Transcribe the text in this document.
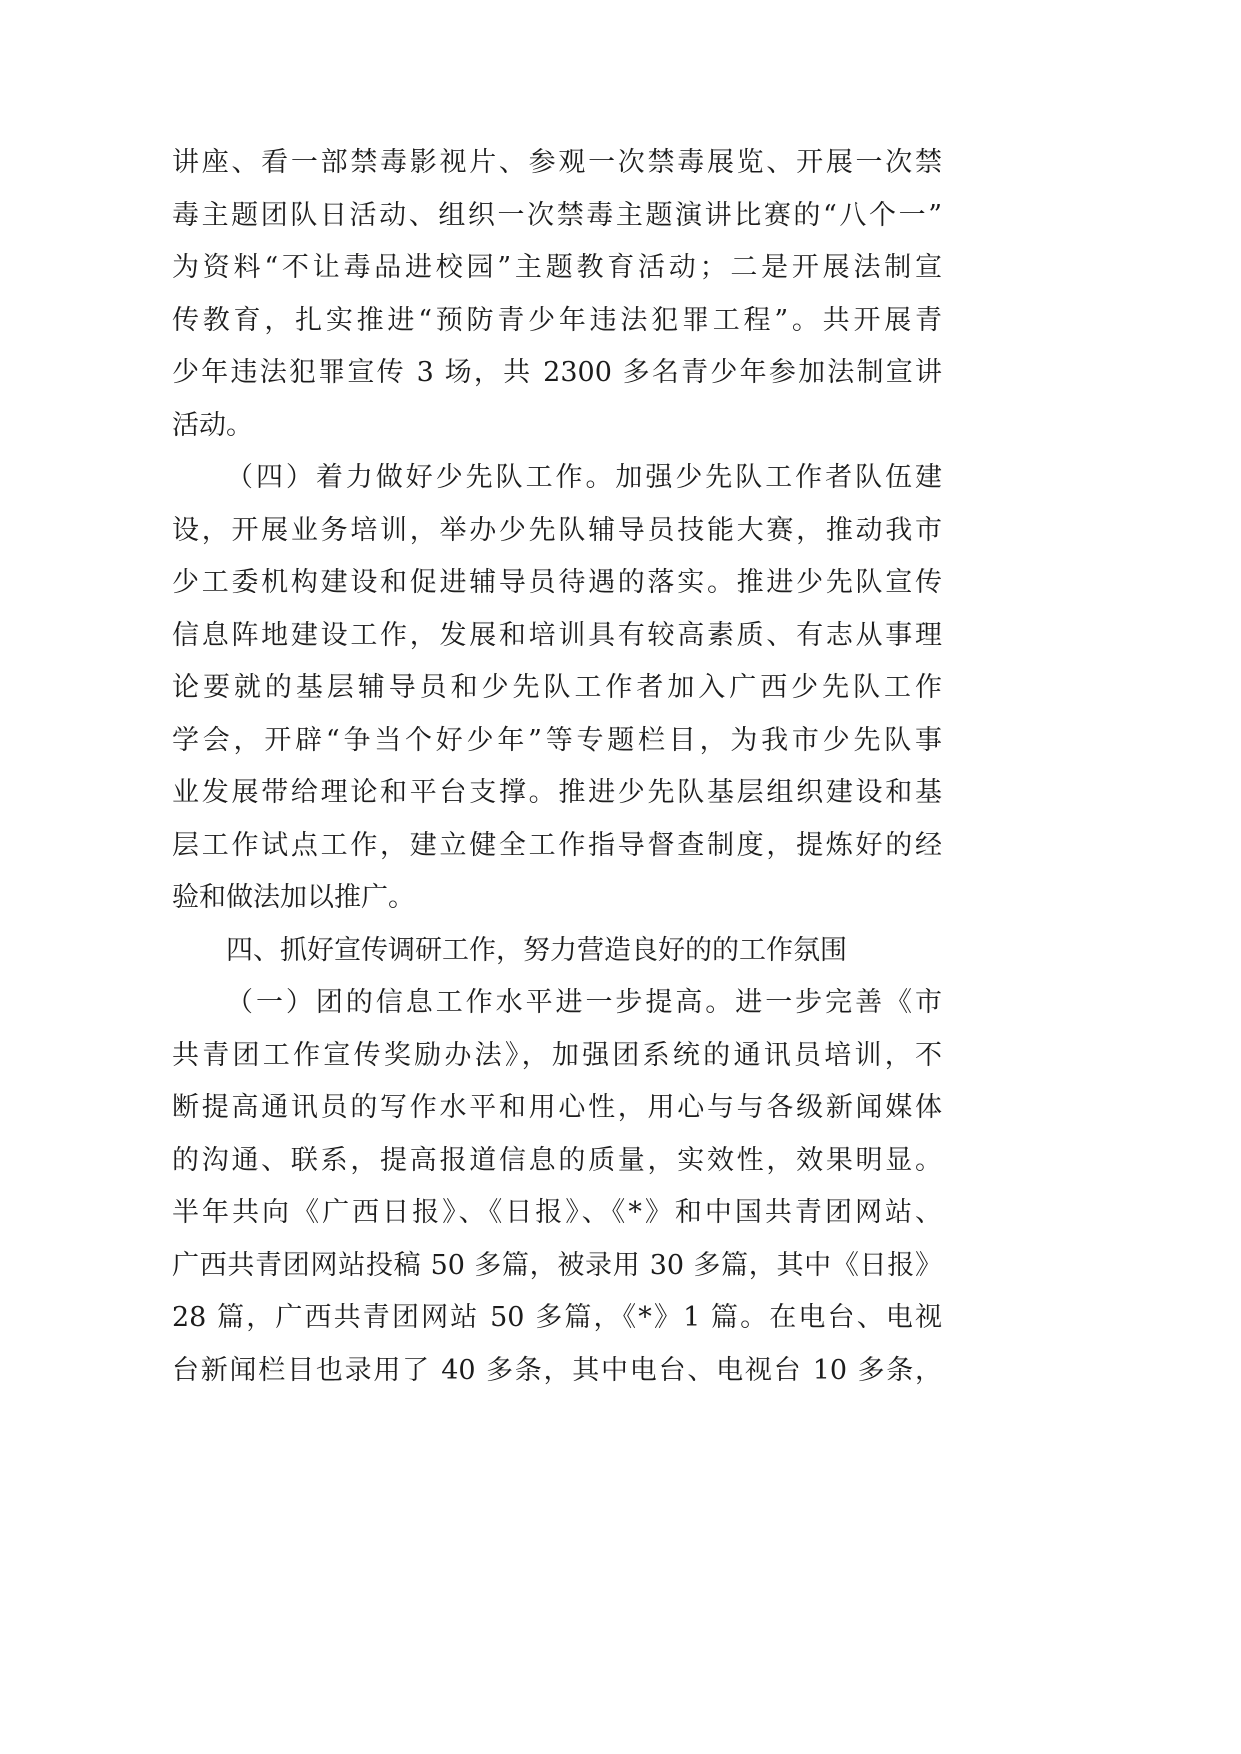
讲座、看一部禁毒影视片、参观一次禁毒展览、开展一次禁
毒主题团队日活动、组织一次禁毒主题演讲比赛的“八个一”
为资料“不让毒品进校园”主题教育活动；二是开展法制宣
传教育，扎实推进“预防青少年违法犯罪工程”。共开展青
少年违法犯罪宣传 3 场，共 2300 多名青少年参加法制宣讲
活动。
（四）着力做好少先队工作。加强少先队工作者队伍建
设，开展业务培训，举办少先队辅导员技能大赛，推动我市
少工委机构建设和促进辅导员待遇的落实。推进少先队宣传
信息阵地建设工作，发展和培训具有较高素质、有志从事理
论要就的基层辅导员和少先队工作者加入广西少先队工作
学会，开辟“争当个好少年”等专题栏目，为我市少先队事
业发展带给理论和平台支撑。推进少先队基层组织建设和基
层工作试点工作，建立健全工作指导督查制度，提炼好的经
验和做法加以推广。
四、抓好宣传调研工作，努力营造良好的的工作氛围
（一）团的信息工作水平进一步提高。进一步完善《市
共青团工作宣传奖励办法》，加强团系统的通讯员培训，不
断提高通讯员的写作水平和用心性，用心与与各级新闻媒体
的沟通、联系，提高报道信息的质量，实效性，效果明显。
半年共向《广西日报》、《日报》、《*》和中国共青团网站、
广西共青团网站投稿 50 多篇，被录用 30 多篇，其中《日报》
28 篇，广西共青团网站 50 多篇，《*》1 篇。在电台、电视
台新闻栏目也录用了 40 多条，其中电台、电视台 10 多条，
